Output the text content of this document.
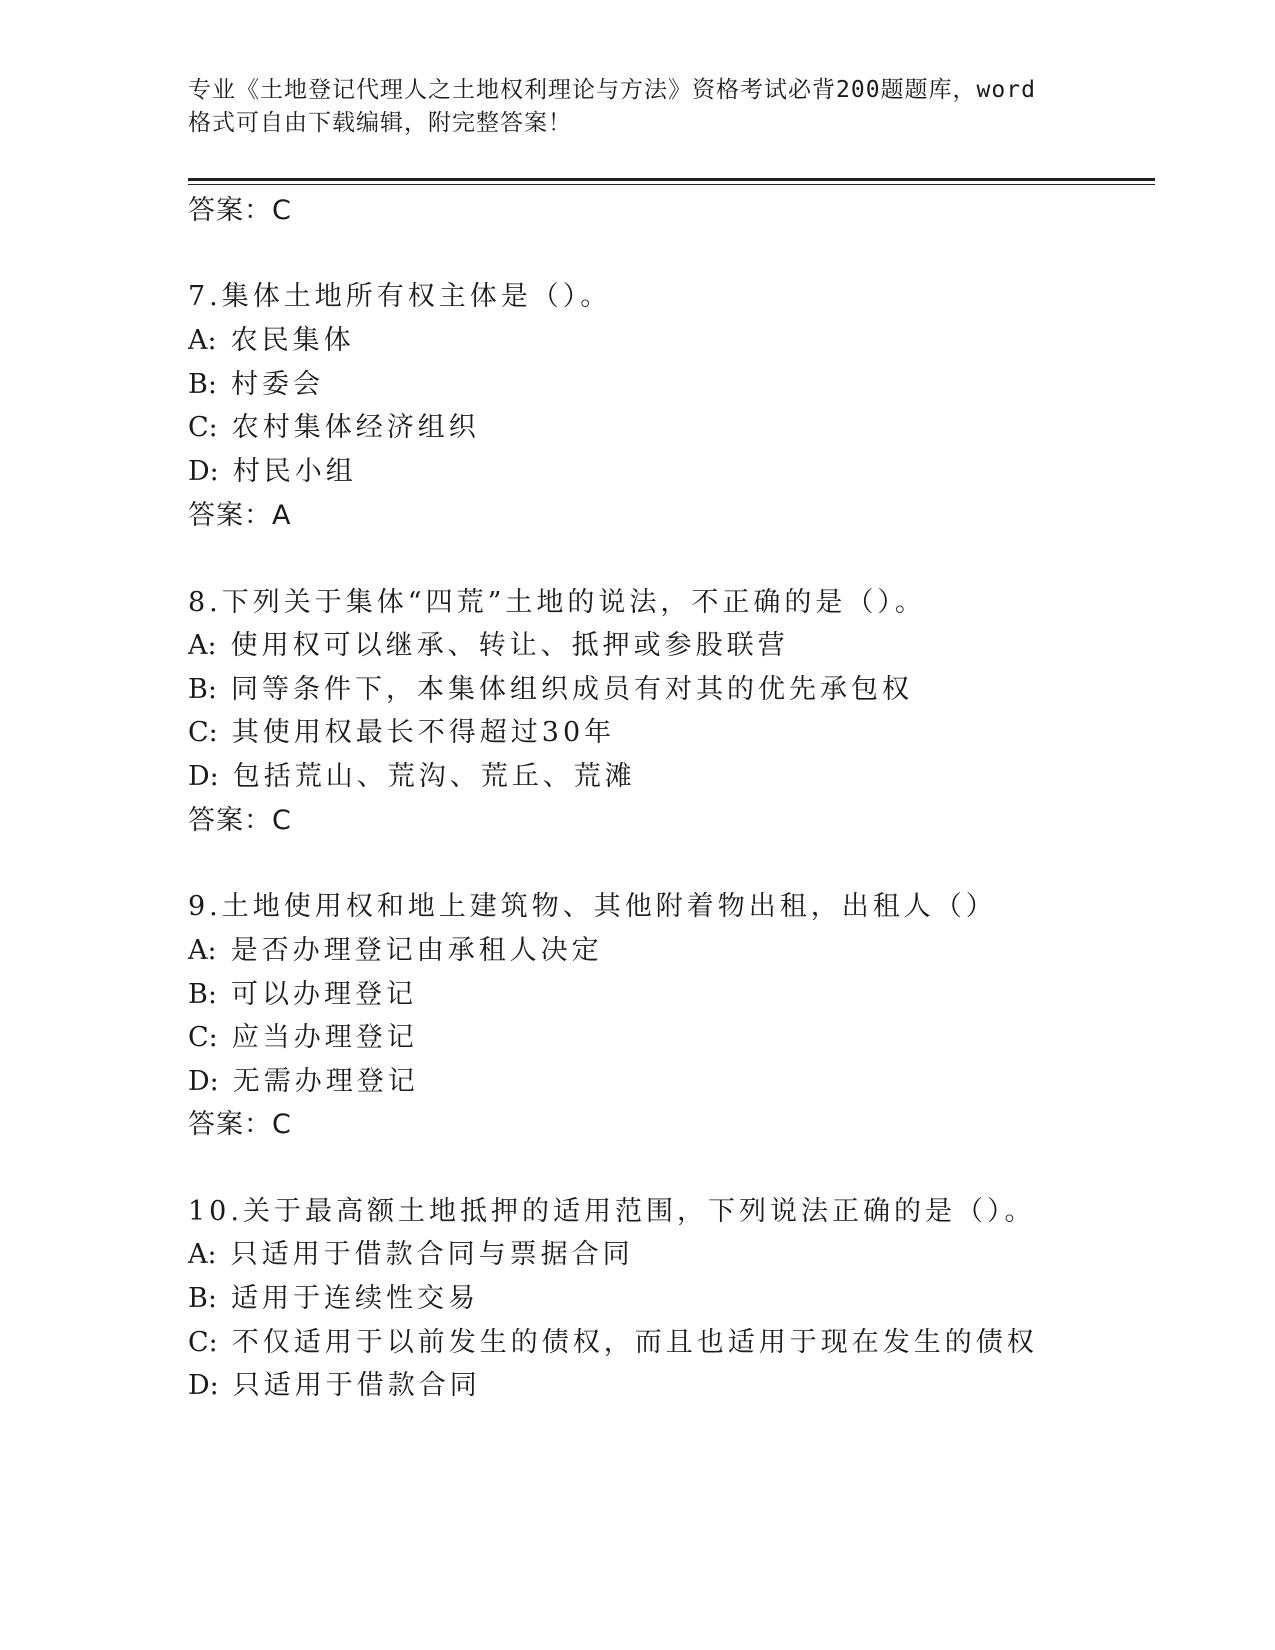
专业《土地登记代理人之土地权利理论与方法》资格考试必背200题题库，word
格式可自由下载编辑，附完整答案！
答案：C
7.集体土地所有权主体是（）。
A: 农民集体
B: 村委会
C: 农村集体经济组织
D: 村民小组
答案：A
8.下列关于集体“四荒”土地的说法，不正确的是（）。
A: 使用权可以继承、转让、抵押或参股联营
B: 同等条件下，本集体组织成员有对其的优先承包权
C: 其使用权最长不得超过30年
D: 包括荒山、荒沟、荒丘、荒滩
答案：C
9.土地使用权和地上建筑物、其他附着物出租，出租人（）
A: 是否办理登记由承租人决定
B: 可以办理登记
C: 应当办理登记
D: 无需办理登记
答案：C
10.关于最高额土地抵押的适用范围，下列说法正确的是（）。
A: 只适用于借款合同与票据合同
B: 适用于连续性交易
C: 不仅适用于以前发生的债权，而且也适用于现在发生的债权
D: 只适用于借款合同
